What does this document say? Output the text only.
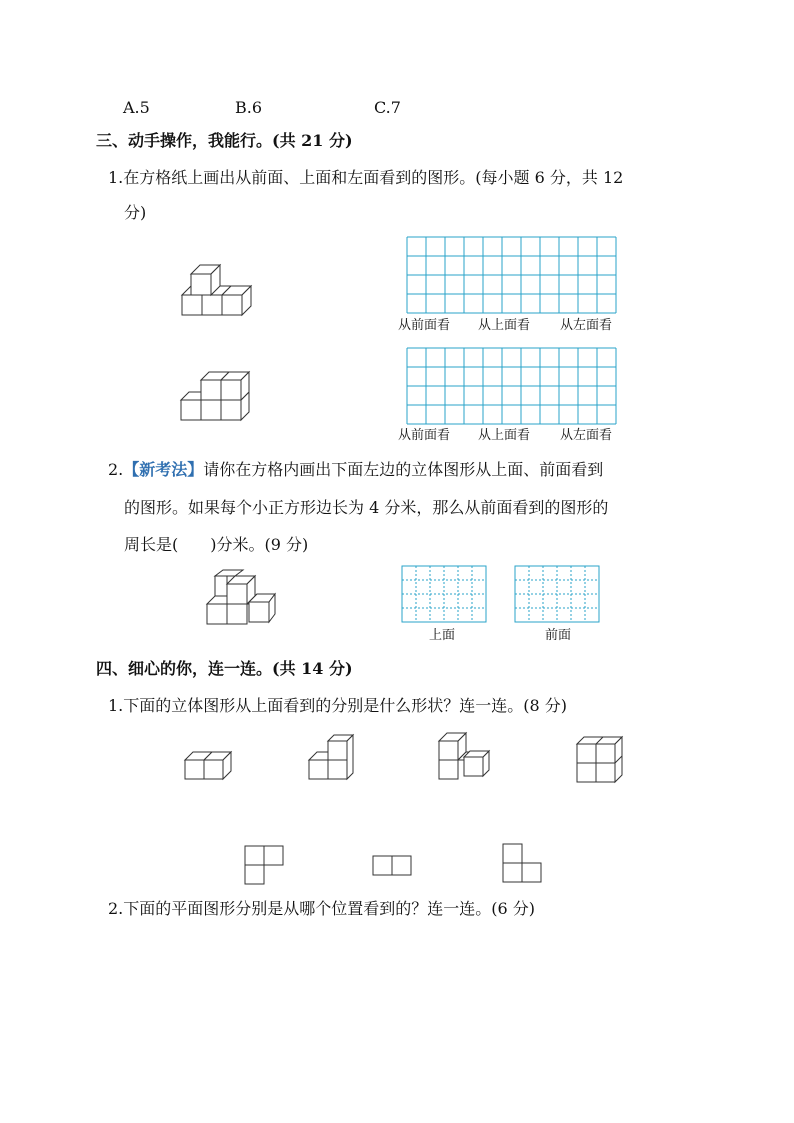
A.5	B.6	C.7
三、动手操作，我能行。(共 21 分)
1.在方格纸上画出从前面、上面和左面看到的图形。(每小题 6 分，共 12
分)
从前面看 从上面看 从左面看
从前面看 从上面看 从左面看
2.【新考法】请你在方格内画出下面左边的立体图形从上面、前面看到
的图形。如果每个小正方形边长为 4 分米，那么从前面看到的图形的
周长是(　　)分米。(9 分)
上面	前面
四、细心的你，连一连。(共 14 分)
1.下面的立体图形从上面看到的分别是什么形状？连一连。(8 分)
2.下面的平面图形分别是从哪个位置看到的？连一连。(6 分)
